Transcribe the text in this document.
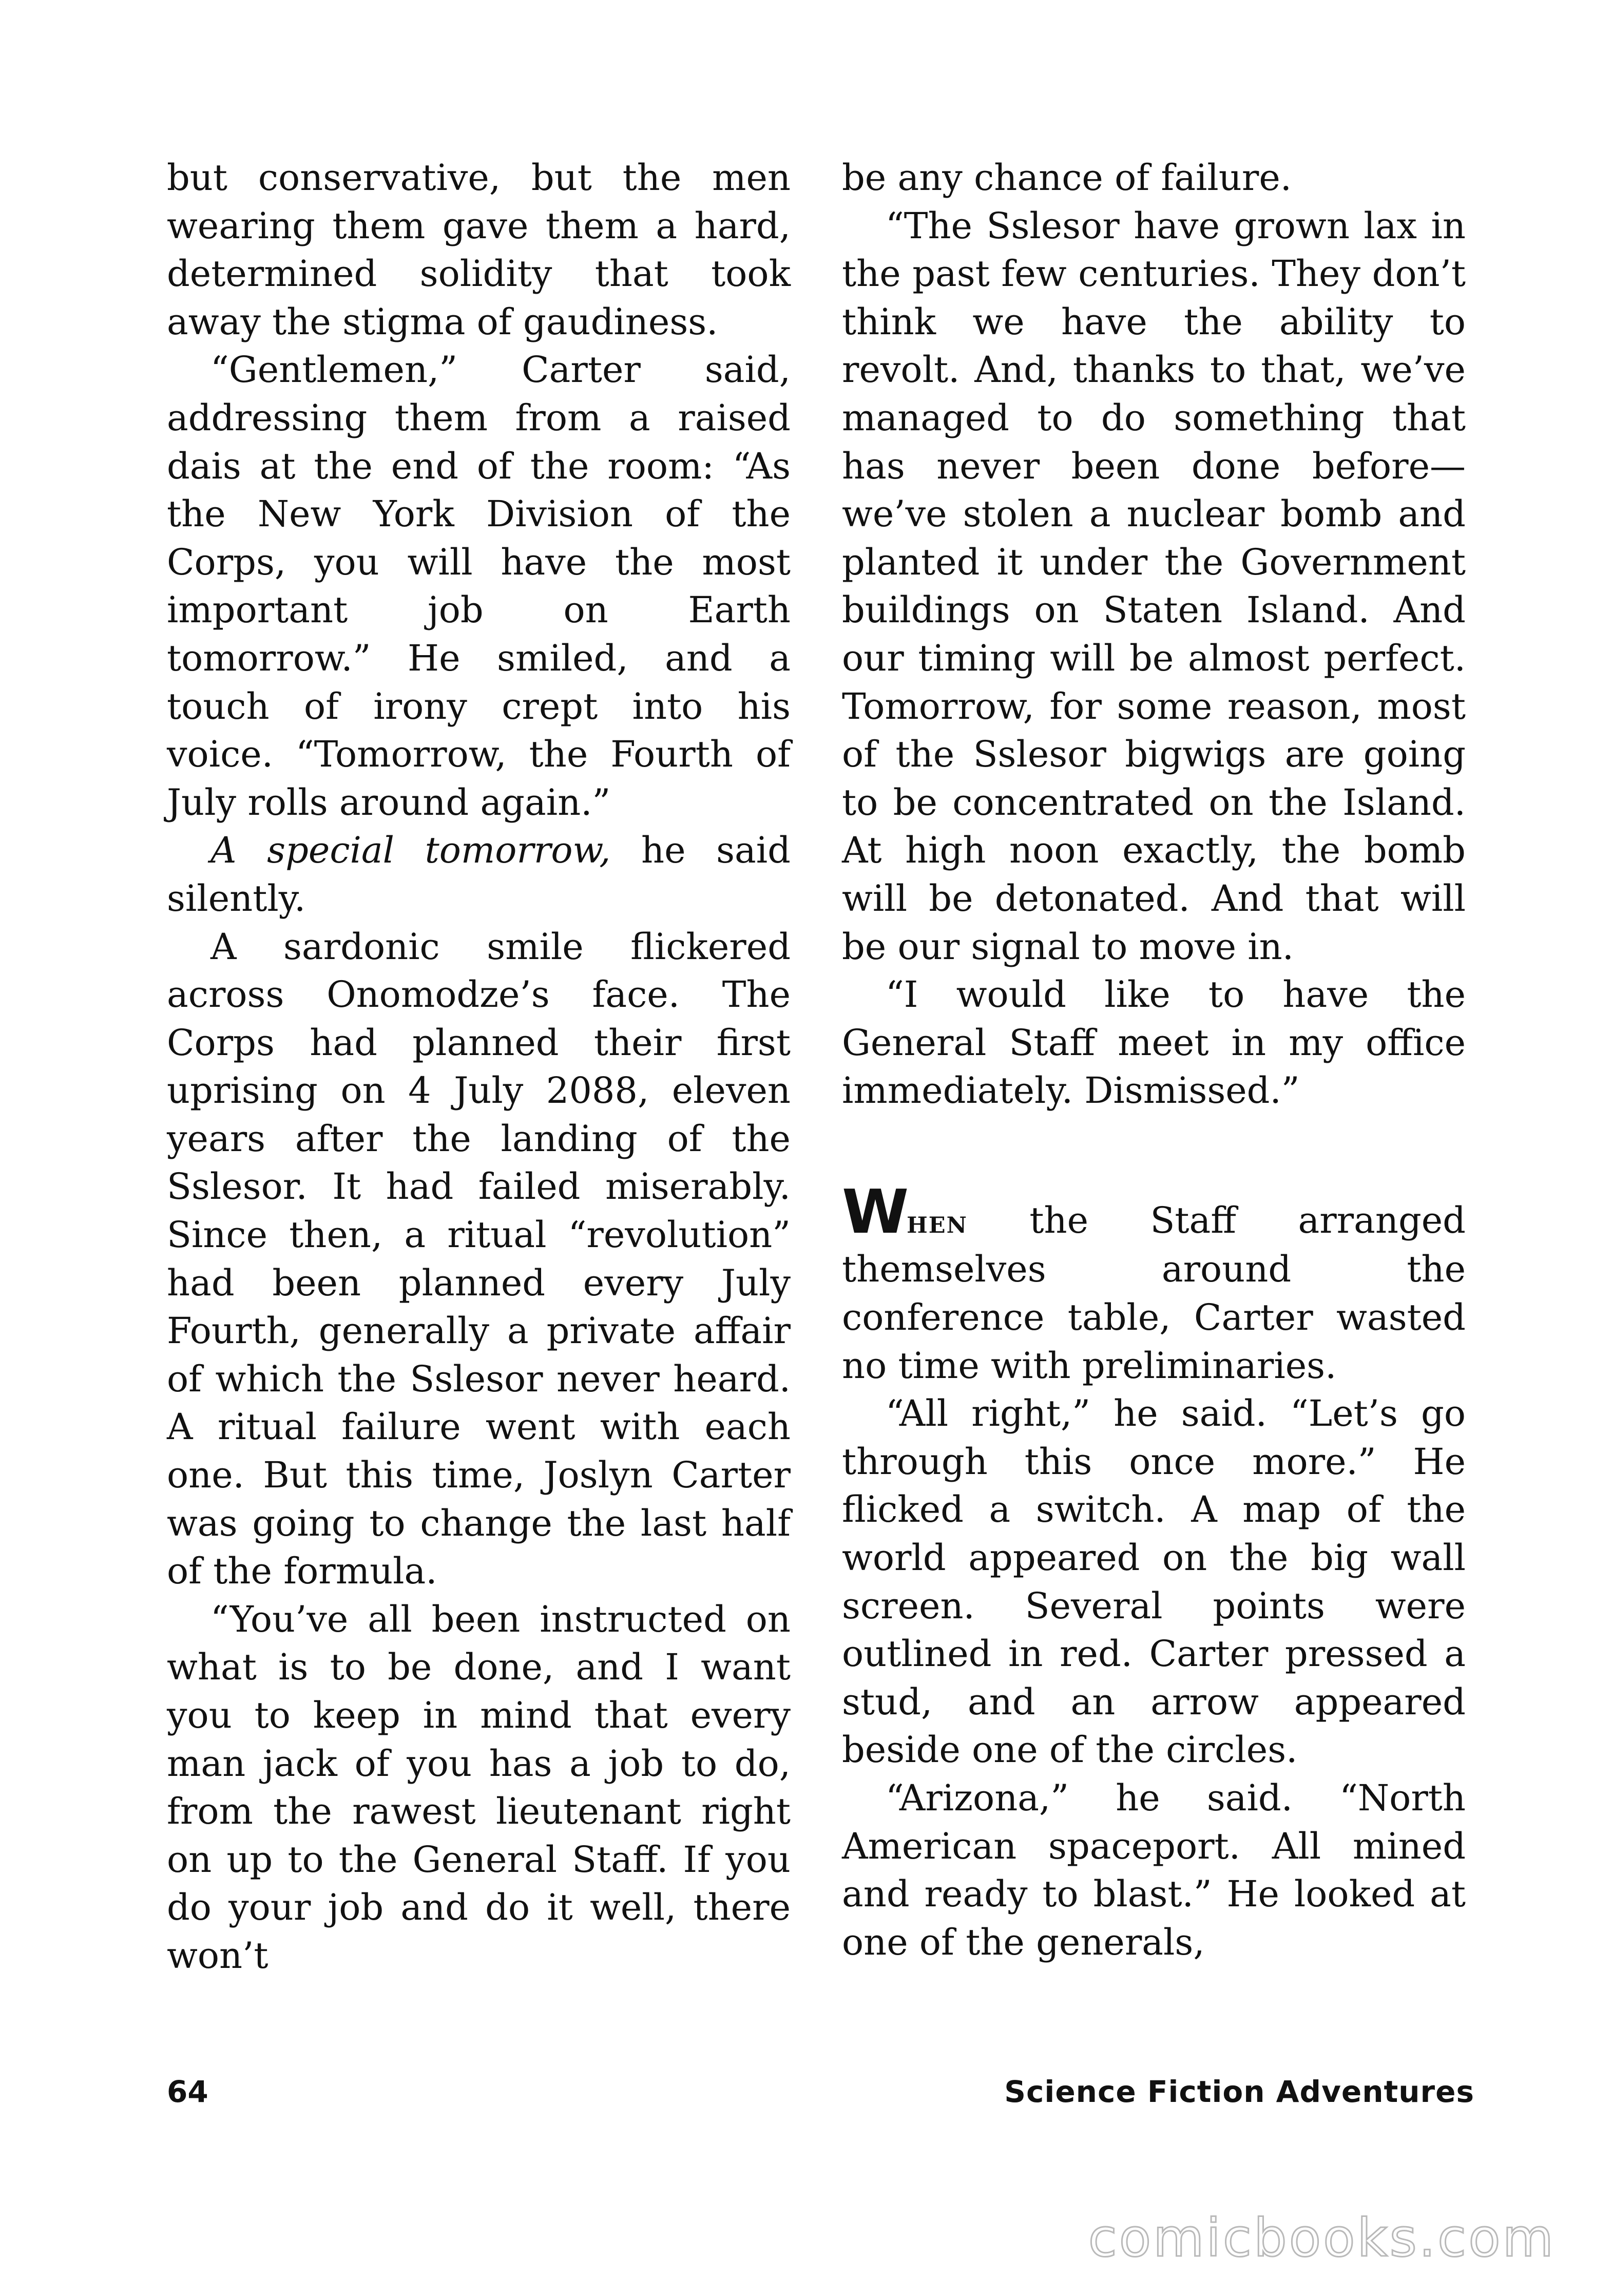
but conservative, but the men wearing them gave them a hard, determined solidity that took away the stigma of gaudiness.

“Gentlemen,” Carter said, addressing them from a raised dais at the end of the room: “As the New York Division of the Corps, you will have the most important job on Earth tomorrow.” He smiled, and a touch of irony crept into his voice. “Tomorrow, the Fourth of July rolls around again.”

A special tomorrow, he said silently.

A sardonic smile flickered across Onomodze’s face. The Corps had planned their first uprising on 4 July 2088, eleven years after the landing of the Sslesor. It had failed miserably. Since then, a ritual “revolution” had been planned every July Fourth, generally a private affair of which the Sslesor never heard. A ritual failure went with each one. But this time, Joslyn Carter was going to change the last half of the formula.

“You’ve all been instructed on what is to be done, and I want you to keep in mind that every man jack of you has a job to do, from the rawest lieutenant right on up to the General Staff. If you do your job and do it well, there won’t

be any chance of failure.

“The Sslesor have grown lax in the past few centuries. They don’t think we have the ability to revolt. And, thanks to that, we’ve managed to do something that has never been done before—we’ve stolen a nuclear bomb and planted it under the Government buildings on Staten Island. And our timing will be almost perfect. Tomorrow, for some reason, most of the Sslesor bigwigs are going to be concentrated on the Island. At high noon exactly, the bomb will be detonated. And that will be our signal to move in.

“I would like to have the General Staff meet in my office immediately. Dismissed.”

When the Staff arranged themselves around the conference table, Carter wasted no time with preliminaries.

“All right,” he said. “Let’s go through this once more.” He flicked a switch. A map of the world appeared on the big wall screen. Several points were outlined in red. Carter pressed a stud, and an arrow appeared beside one of the circles.

“Arizona,” he said. “North American spaceport. All mined and ready to blast.” He looked at one of the generals,

64	Science Fiction Adventures
comicbooks.com
